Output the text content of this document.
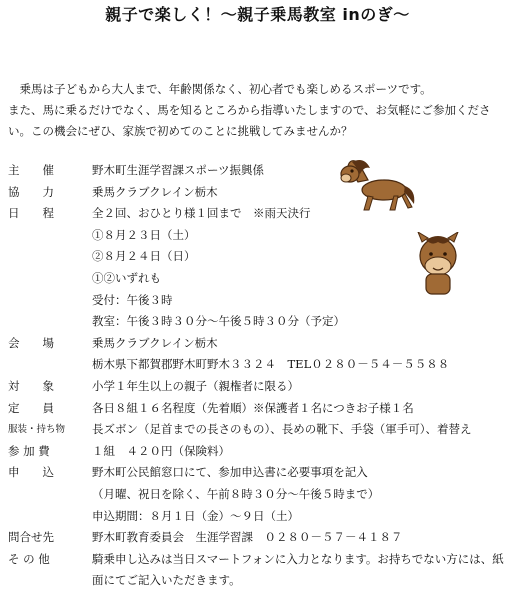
親子で楽しく！～親子乗馬教室 inのぎ～

乗馬は子どもから大人まで、年齢関係なく、初心者でも楽しめるスポーツです。

また、馬に乗るだけでなく、馬を知るところから指導いたしますので、お気軽にご参加ください。この機会にぜひ、家族で初めてのことに挑戦してみませんか？

主　　催	野木町生涯学習課スポーツ振興係
協　　力	乗馬クラブクレイン栃木
日　　程	全２回、おひとり様１回まで　※雨天決行
①８月２３日（土）
②８月２４日（日）
①②いずれも
受付：午後３時
教室：午後３時３０分～午後５時３０分（予定）
会　　場	乗馬クラブクレイン栃木
栃木県下都賀郡野木町野木３３２４　TEL０２８０－５４－５５８８
対　　象	小学１年生以上の親子（親権者に限る）
定　　員	各日８組１６名程度（先着順）※保護者１名につきお子様１名
服装・持ち物	長ズボン（足首までの長さのもの）、長めの靴下、手袋（軍手可）、着替え
参 加 費	１組　４２０円（保険料）
申　　込	野木町公民館窓口にて、参加申込書に必要事項を記入
（月曜、祝日を除く、午前８時３０分～午後５時まで）
申込期間：８月１日（金）～９日（土）
問合せ先	野木町教育委員会　生涯学習課　０２８０－５７－４１８７
そ の 他	騎乗申し込みは当日スマートフォンに入力となります。お持ちでない方には、紙面にてご記入いただきます。
